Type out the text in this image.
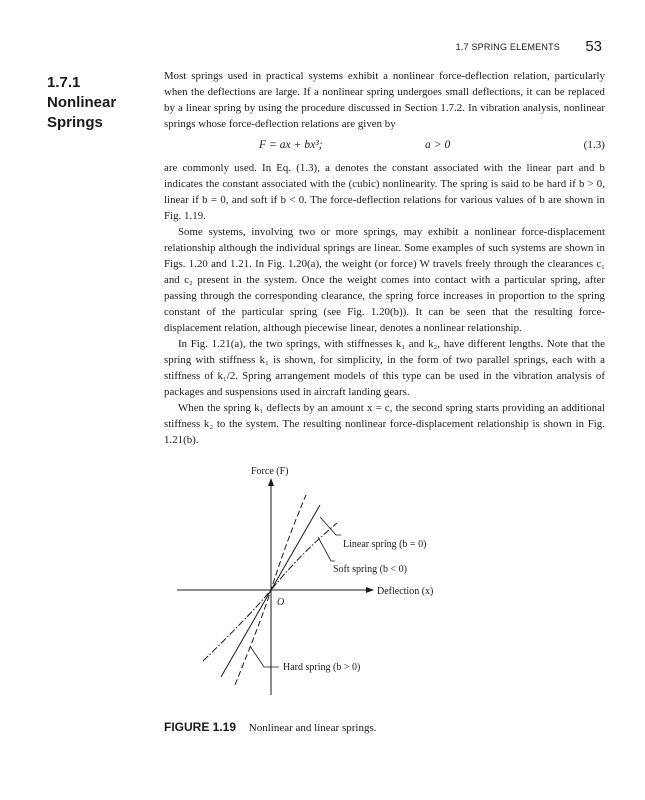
1.7 SPRING ELEMENTS 53
1.7.1
Nonlinear
Springs

Most springs used in practical systems exhibit a nonlinear force-deflection relation, particularly when the deflections are large. If a nonlinear spring undergoes small deflections, it can be replaced by a linear spring by using the procedure discussed in Section 1.7.2. In vibration analysis, nonlinear springs whose force-deflection relations are given by

F = ax + bx³;	a > 0	(1.3)

are commonly used. In Eq. (1.3), a denotes the constant associated with the linear part and b indicates the constant associated with the (cubic) nonlinearity. The spring is said to be hard if b > 0, linear if b = 0, and soft if b < 0. The force-deflection relations for various values of b are shown in Fig. 1.19.

Some systems, involving two or more springs, may exhibit a nonlinear force-displacement relationship although the individual springs are linear. Some examples of such systems are shown in Figs. 1.20 and 1.21. In Fig. 1.20(a), the weight (or force) W travels freely through the clearances c₁ and c₂ present in the system. Once the weight comes into contact with a particular spring, after passing through the corresponding clearance, the spring force increases in proportion to the spring constant of the particular spring (see Fig. 1.20(b)). It can be seen that the resulting force-displacement relation, although piecewise linear, denotes a nonlinear relationship.

In Fig. 1.21(a), the two springs, with stiffnesses k₁ and k₂, have different lengths. Note that the spring with stiffness k₁ is shown, for simplicity, in the form of two parallel springs, each with a stiffness of k₁/2. Spring arrangement models of this type can be used in the vibration analysis of packages and suspensions used in aircraft landing gears.

When the spring k₁ deflects by an amount x = c, the second spring starts providing an additional stiffness k₂ to the system. The resulting nonlinear force-displacement relationship is shown in Fig. 1.21(b).

Force (F)
Deflection (x)
O
Linear spring (b = 0)
Soft spring (b < 0)
Hard spring (b > 0)
FIGURE 1.19 Nonlinear and linear springs.
